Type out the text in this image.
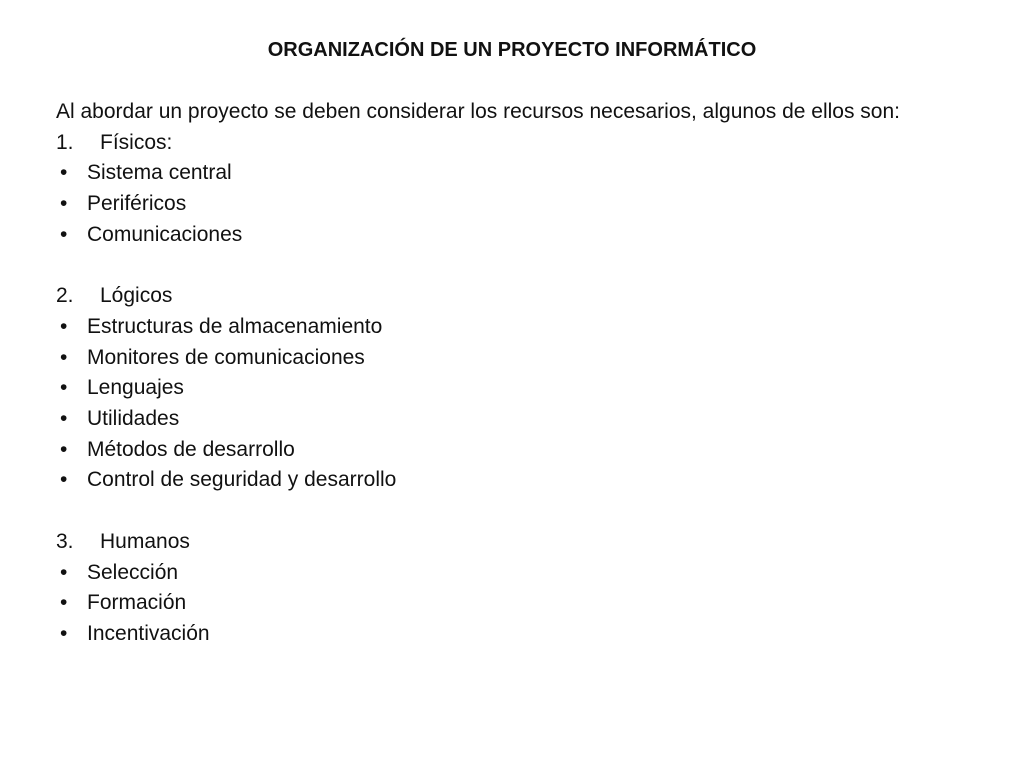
ORGANIZACIÓN DE UN PROYECTO INFORMÁTICO

Al abordar un proyecto se deben considerar los recursos necesarios, algunos de ellos son:

1.	Físicos:
• Sistema central
• Periféricos
• Comunicaciones
2.	Lógicos
• Estructuras de almacenamiento
• Monitores de comunicaciones
• Lenguajes
• Utilidades
• Métodos de desarrollo
• Control de seguridad y desarrollo
3.	Humanos
• Selección
• Formación
• Incentivación
